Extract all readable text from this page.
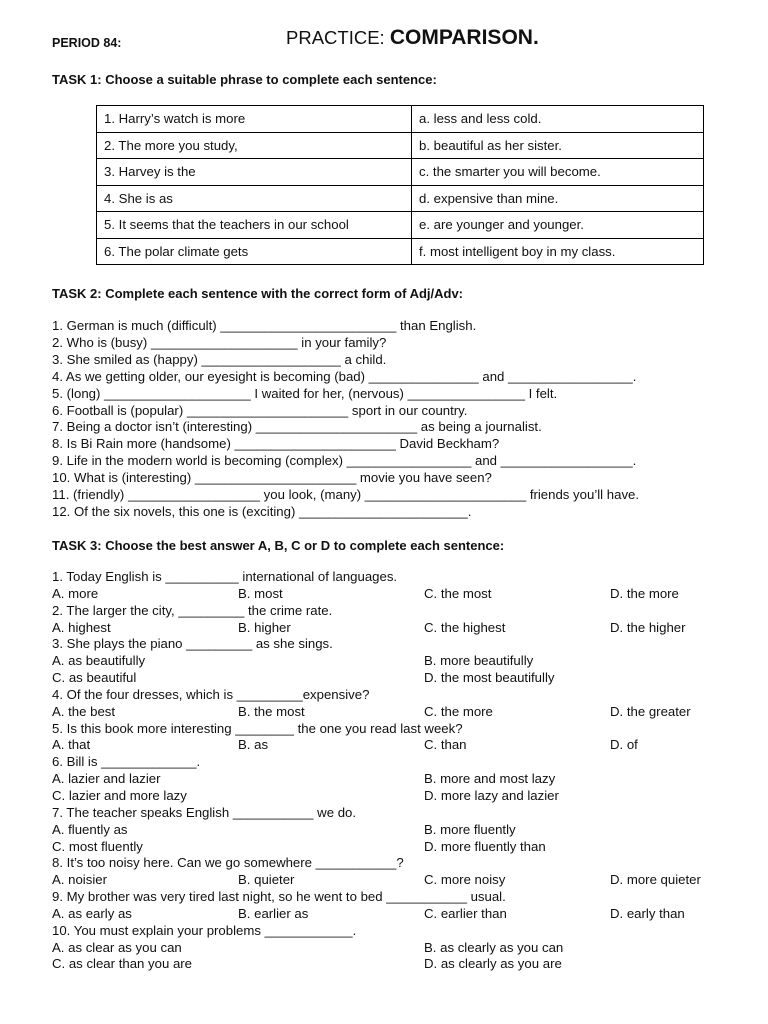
PERIOD 84:	PRACTICE: COMPARISON.
TASK 1: Choose a suitable phrase to complete each sentence:
1. Harry’s watch is more	a. less and less cold.
2. The more you study,	b. beautiful as her sister.
3. Harvey is the	c. the smarter you will become.
4. She is as	d. expensive than mine.
5. It seems that the teachers in our school	e. are younger and younger.
6. The polar climate gets	f. most intelligent boy in my class.
TASK 2: Complete each sentence with the correct form of Adj/Adv:
1. German is much (difficult) ________________________ than English.
2. Who is (busy) ____________________ in your family?
3. She smiled as (happy) ___________________ a child.
4. As we getting older, our eyesight is becoming (bad) _______________ and _________________.
5. (long) ____________________ I waited for her, (nervous) ________________ I felt.
6. Football is (popular) ______________________ sport in our country.
7. Being a doctor isn’t (interesting) ______________________ as being a journalist.
8. Is Bi Rain more (handsome) ______________________ David Beckham?
9. Life in the modern world is becoming (complex) _________________ and __________________.
10. What is (interesting) ______________________ movie you have seen?
11. (friendly) __________________ you look, (many) ______________________ friends you’ll have.
12. Of the six novels, this one is (exciting) _______________________.
TASK 3: Choose the best answer A, B, C or D to complete each sentence:
1. Today English is __________ international of languages.
A. more	B. most	C. the most	D. the more
2. The larger the city, _________ the crime rate.
A. highest	B. higher	C. the highest	D. the higher
3. She plays the piano _________ as she sings.
A. as beautifully	B. more beautifully
C. as beautiful	D. the most beautifully
4. Of the four dresses, which is _________expensive?
A. the best	B. the most	C. the more	D. the greater
5. Is this book more interesting ________ the one you read last week?
A. that	B. as	C. than	D. of
6. Bill is _____________.
A. lazier and lazier	B. more and most lazy
C. lazier and more lazy	D. more lazy and lazier
7. The teacher speaks English ___________ we do.
A. fluently as	B. more fluently
C. most fluently	D. more fluently than
8. It’s too noisy here. Can we go somewhere ___________?
A. noisier	B. quieter	C. more noisy	D. more quieter
9. My brother was very tired last night, so he went to bed ___________ usual.
A. as early as	B. earlier as	C. earlier than	D. early than
10. You must explain your problems ____________.
A. as clear as you can	B. as clearly as you can
C. as clear than you are	D. as clearly as you are
